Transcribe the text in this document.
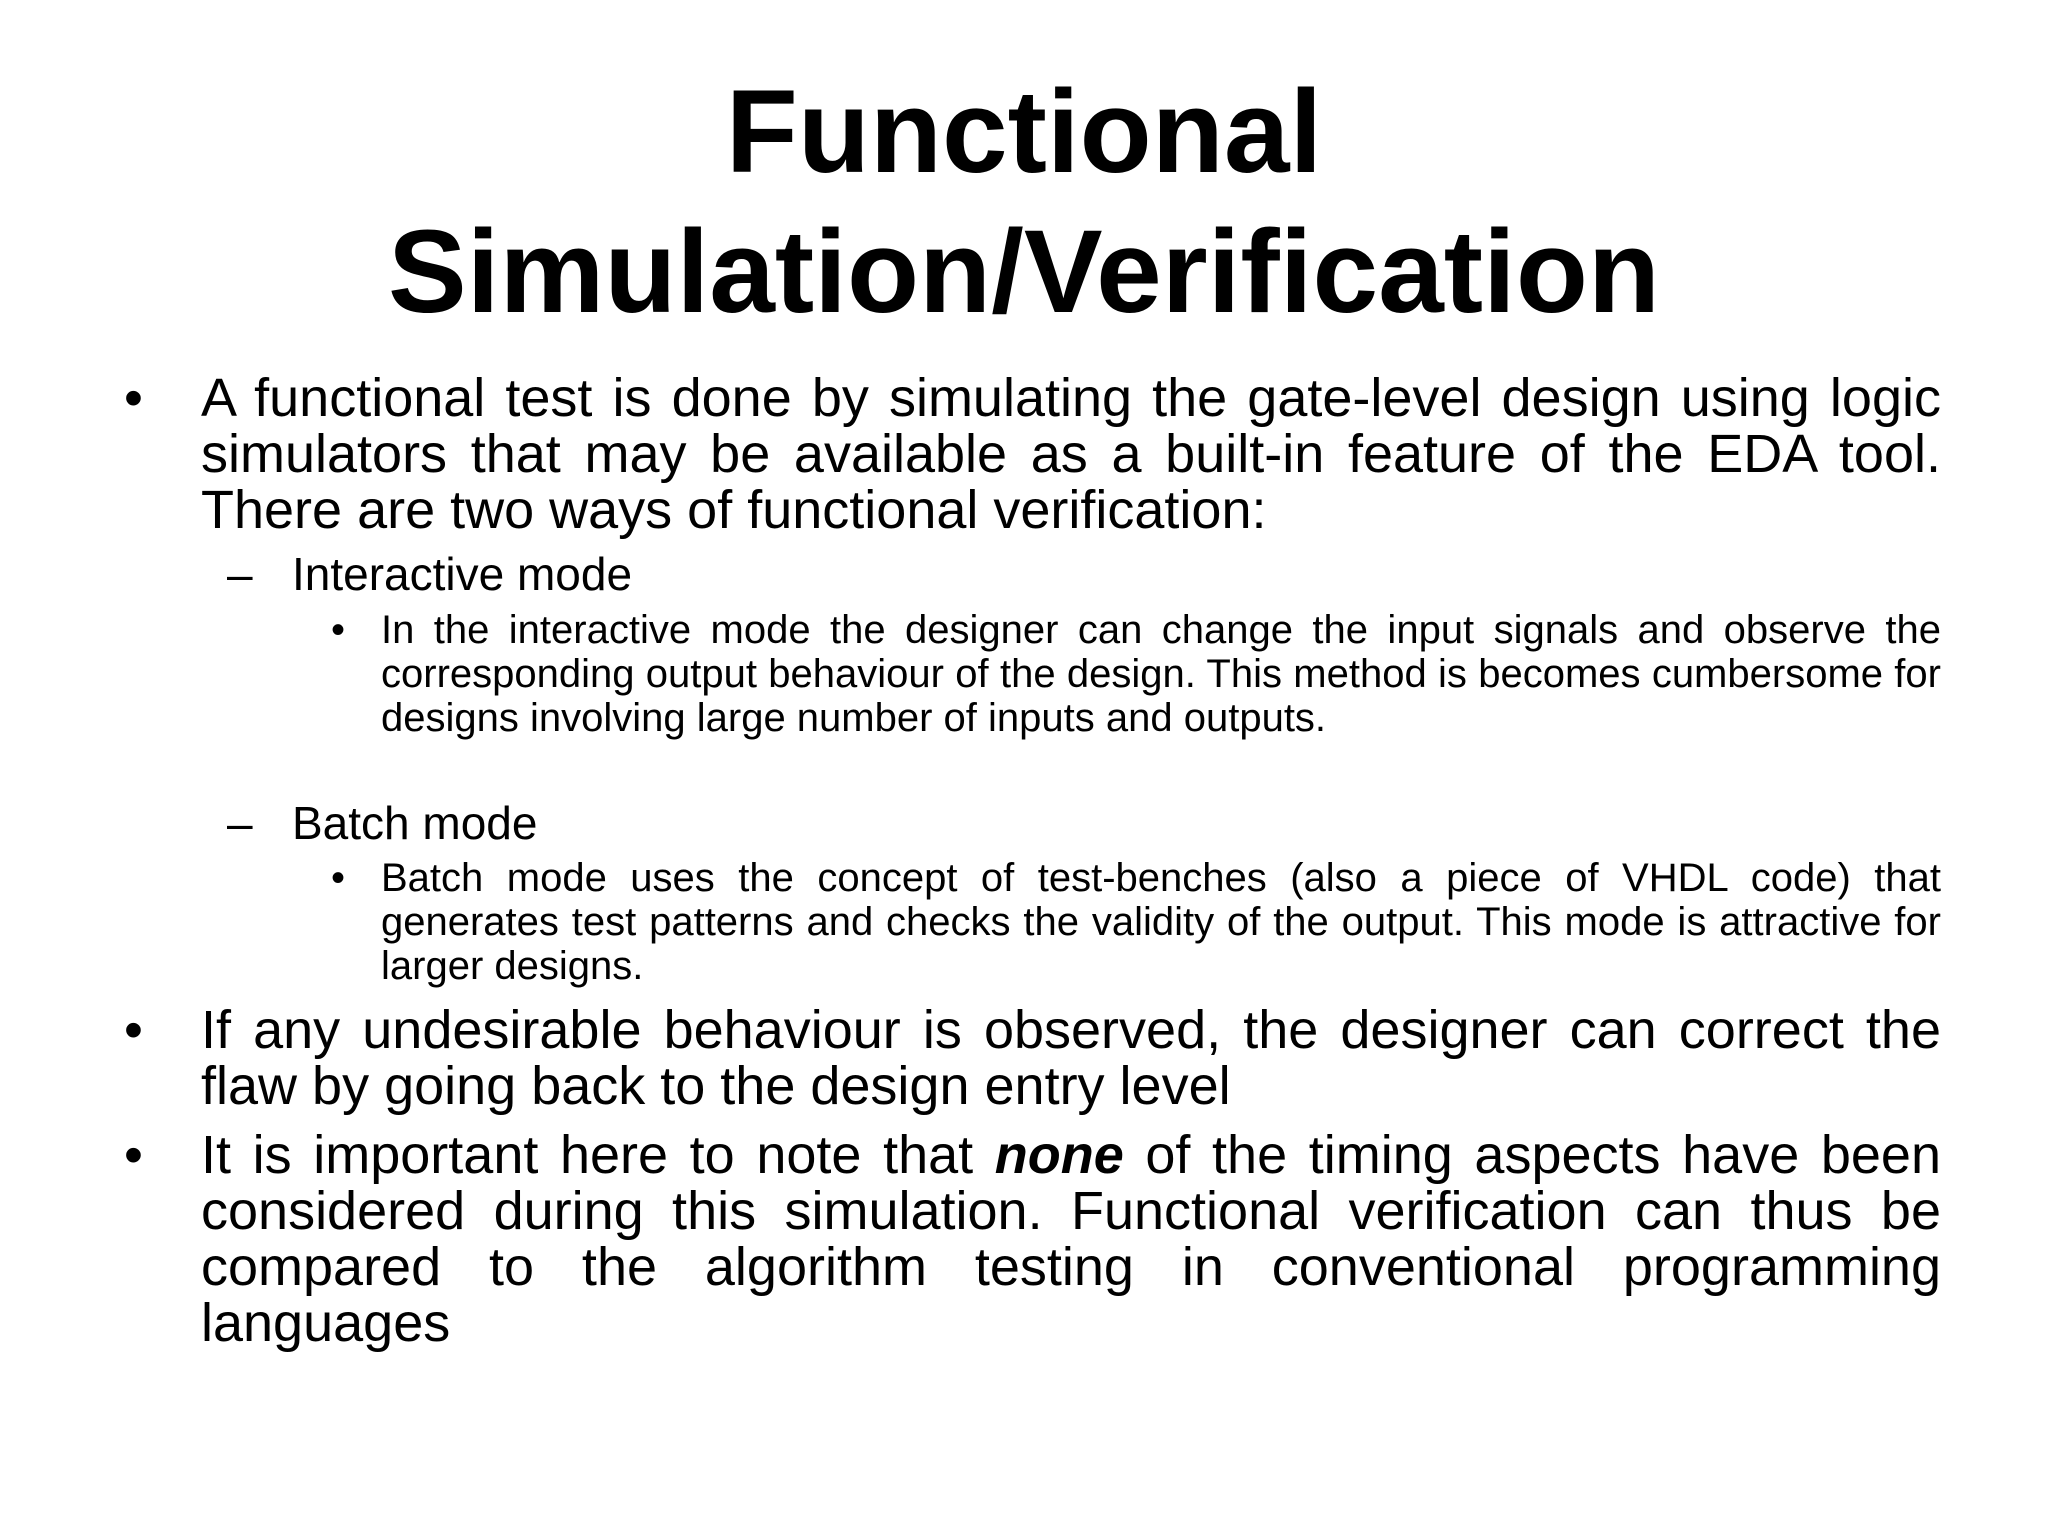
Functional
Simulation/Verification
• A functional test is done by simulating the gate-level design using logic simulators that may be available as a built-in feature of the EDA tool. There are two ways of functional verification:
– Interactive mode
• In the interactive mode the designer can change the input signals and observe the corresponding output behaviour of the design. This method is becomes cumbersome for designs involving large number of inputs and outputs.
– Batch mode
• Batch mode uses the concept of test-benches (also a piece of VHDL code) that generates test patterns and checks the validity of the output. This mode is attractive for larger designs.
• If any undesirable behaviour is observed, the designer can correct the flaw by going back to the design entry level
• It is important here to note that none of the timing aspects have been considered during this simulation. Functional verification can thus be compared to the algorithm testing in conventional programming languages
